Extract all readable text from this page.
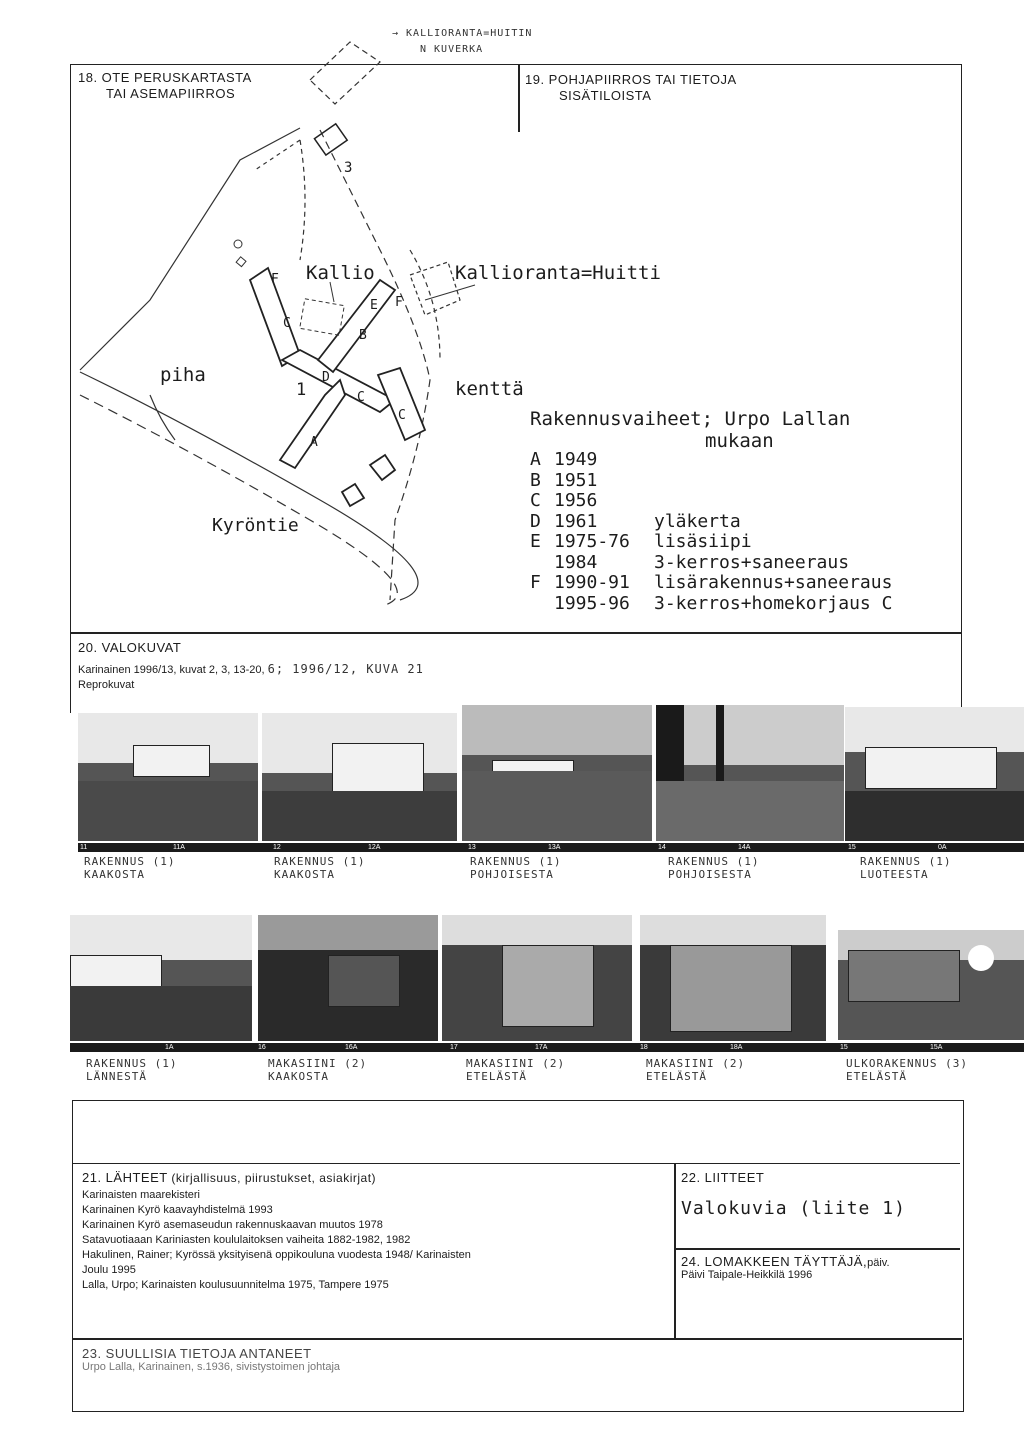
→ KALLIORANTA=HUITIN
N KUVERKA
18. OTE PERUSKARTASTA
TAI ASEMAPIIRROS
19. POHJAPIIRROS TAI TIETOJA
SISÄTILOISTA
3
Kallio	Kallioranta=Huitti
piha
kenttä
Kyröntie
1
F
E
B
D
C
C
C
A
F
Rakennusvaiheet; Urpo Lallan
mukaan
A 1949
B 1951
C 1956
D 1961	yläkerta
E 1975-76 lisäsiipi
1984	3-kerros+saneeraus
F 1990-91 lisärakennus+saneeraus
1995-96 3-kerros+homekorjaus C
20. VALOKUVAT
Karinainen 1996/13, kuvat 2, 3, 13-20, 6; 1996/12, KUVA 21
Reprokuvat
11	11A	12	12A	13	13A	14	14A	15	0A
RAKENNUS (1)
KAAKOSTA
RAKENNUS (1)
KAAKOSTA
RAKENNUS (1)
POHJOISESTA
RAKENNUS (1)
POHJOISESTA
RAKENNUS (1)
LUOTEESTA
1A	16	16A	17	17A	18	18A	15	15A
RAKENNUS (1)
LÄNNESTÄ
MAKASIINI (2)
KAAKOSTA
MAKASIINI (2)
ETELÄSTÄ
MAKASIINI (2)
ETELÄSTÄ
ULKORAKENNUS (3)
ETELÄSTÄ
21. LÄHTEET (kirjallisuus, piirustukset, asiakirjat)
Karinaisten maarekisteri
Karinainen Kyrö kaavayhdistelmä 1993
Karinainen Kyrö asemaseudun rakennuskaavan muutos 1978
Satavuotiaaan Kariniasten koululaitoksen vaiheita 1882-1982, 1982
Hakulinen, Rainer; Kyrössä yksityisenä oppikouluna vuodesta 1948/ Karinaisten
Joulu 1995
Lalla, Urpo; Karinaisten koulusuunnitelma 1975, Tampere 1975
22. LIITTEET
Valokuvia (liite 1)
24. LOMAKKEEN TÄYTTÄJÄ,päiv.
Päivi Taipale-Heikkilä 1996
23. SUULLISIA TIETOJA ANTANEET
Urpo Lalla, Karinainen, s.1936, sivistystoimen johtaja
